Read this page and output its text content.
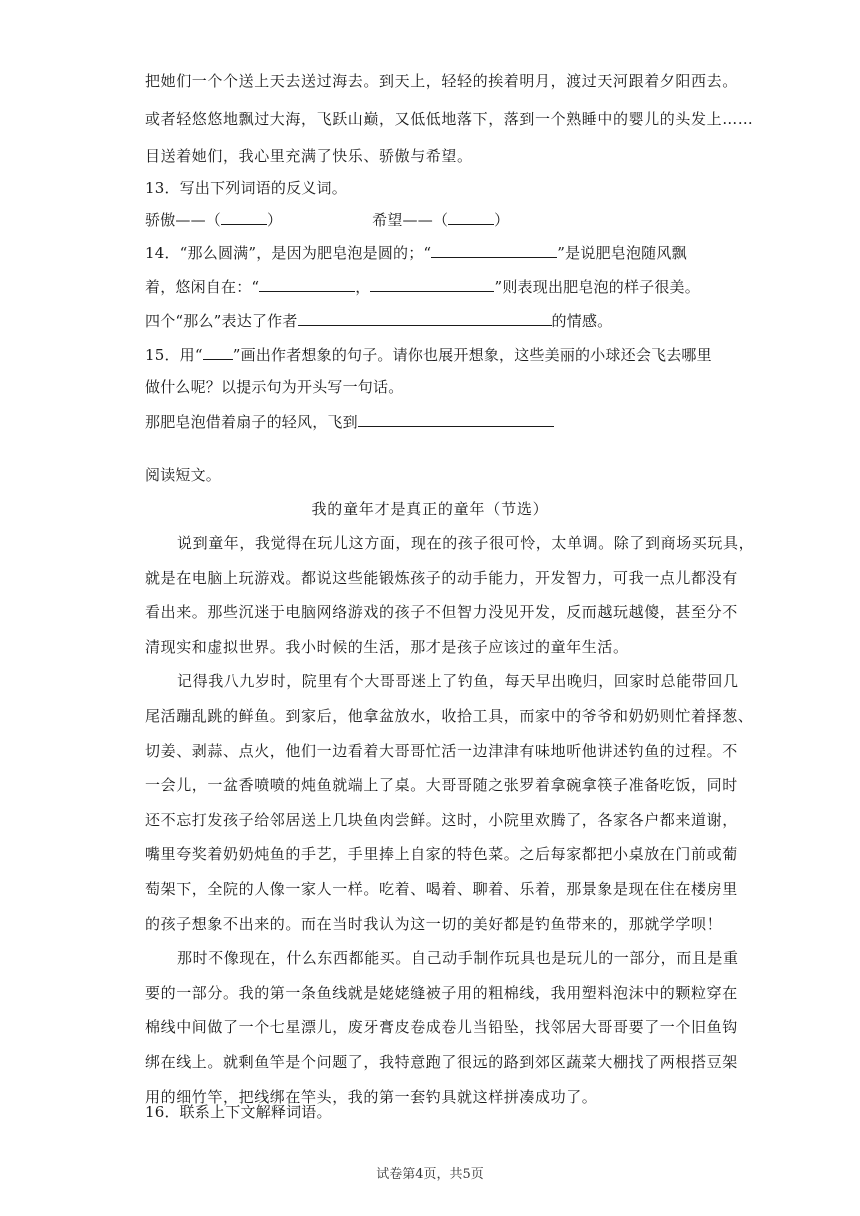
把她们一个个送上天去送过海去。到天上，轻轻的挨着明月，渡过天河跟着夕阳西去。
或者轻悠悠地飘过大海，飞跃山巅，又低低地落下，落到一个熟睡中的婴儿的头发上……
目送着她们，我心里充满了快乐、骄傲与希望。
13．写出下列词语的反义词。
骄傲——（	）	希望——（	）
14．“那么圆满”，是因为肥皂泡是圆的；“	”是说肥皂泡随风飘
着，悠闲自在：“	，	”则表现出肥皂泡的样子很美。
四个“那么”表达了作者	的情感。
15．用“ ”画出作者想象的句子。请你也展开想象，这些美丽的小球还会飞去哪里
做什么呢？以提示句为开头写一句话。
那肥皂泡借着扇子的轻风，飞到
阅读短文。
我的童年才是真正的童年（节选）
说到童年，我觉得在玩儿这方面，现在的孩子很可怜，太单调。除了到商场买玩具，
就是在电脑上玩游戏。都说这些能锻炼孩子的动手能力，开发智力，可我一点儿都没有
看出来。那些沉迷于电脑网络游戏的孩子不但智力没见开发，反而越玩越傻，甚至分不
清现实和虚拟世界。我小时候的生活，那才是孩子应该过的童年生活。
记得我八九岁时，院里有个大哥哥迷上了钓鱼，每天早出晚归，回家时总能带回几
尾活蹦乱跳的鲜鱼。到家后，他拿盆放水，收拾工具，而家中的爷爷和奶奶则忙着择葱、
切姜、剥蒜、点火，他们一边看着大哥哥忙活一边津津有味地听他讲述钓鱼的过程。不
一会儿，一盆香喷喷的炖鱼就端上了桌。大哥哥随之张罗着拿碗拿筷子准备吃饭，同时
还不忘打发孩子给邻居送上几块鱼肉尝鲜。这时，小院里欢腾了，各家各户都来道谢，
嘴里夸奖着奶奶炖鱼的手艺，手里捧上自家的特色菜。之后每家都把小桌放在门前或葡
萄架下，全院的人像一家人一样。吃着、喝着、聊着、乐着，那景象是现在住在楼房里
的孩子想象不出来的。而在当时我认为这一切的美好都是钓鱼带来的，那就学学呗！
那时不像现在，什么东西都能买。自己动手制作玩具也是玩儿的一部分，而且是重
要的一部分。我的第一条鱼线就是姥姥缝被子用的粗棉线，我用塑料泡沫中的颗粒穿在
棉线中间做了一个七星漂儿，废牙膏皮卷成卷儿当铅坠，找邻居大哥哥要了一个旧鱼钩
绑在线上。就剩鱼竿是个问题了，我特意跑了很远的路到郊区蔬菜大棚找了两根搭豆架
用的细竹竿，把线绑在竿头，我的第一套钓具就这样拼凑成功了。
16．联系上下文解释词语。
试卷第4页，共5页
